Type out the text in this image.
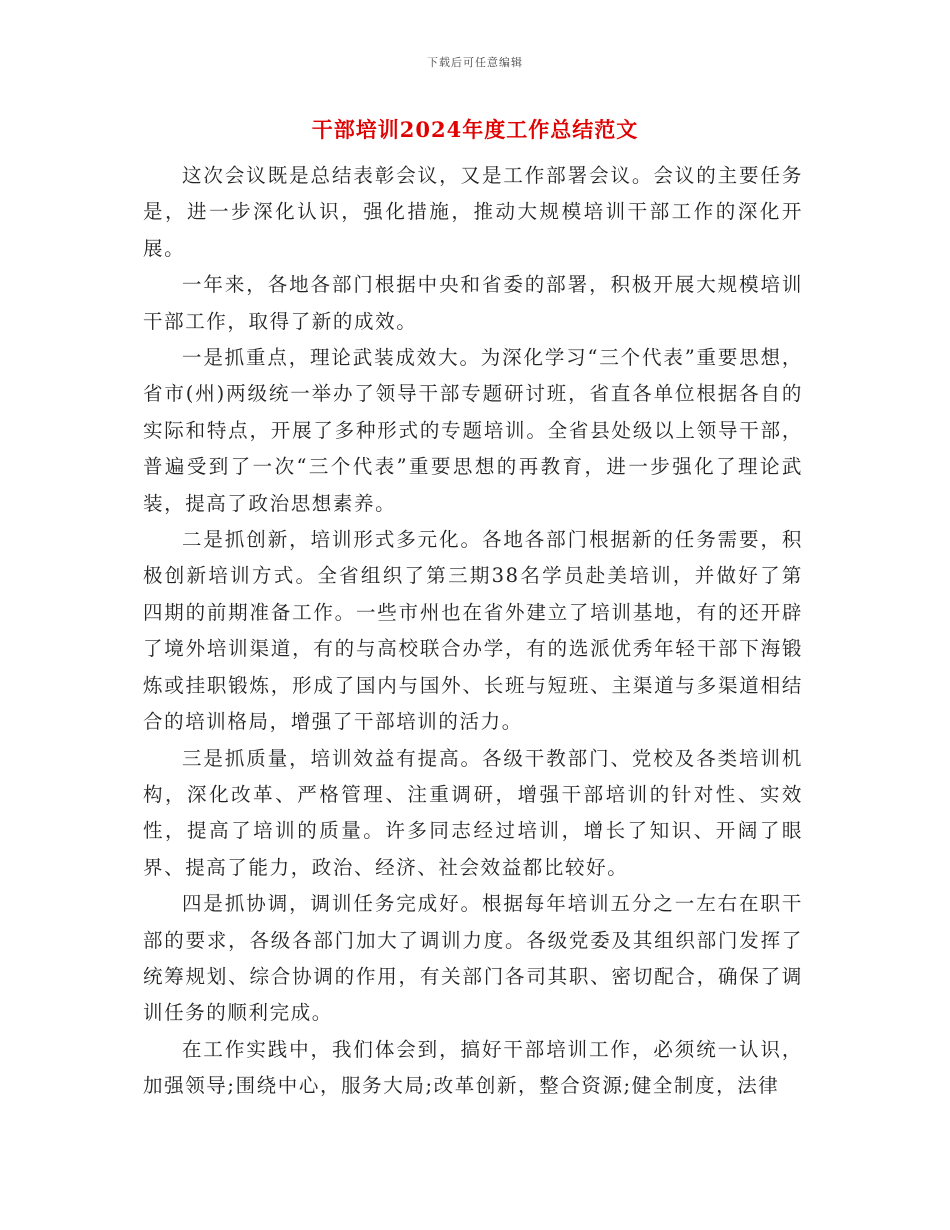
下载后可任意编辑
干部培训2024年度工作总结范文

这次会议既是总结表彰会议，又是工作部署会议。会议的主要任务是，进一步深化认识，强化措施，推动大规模培训干部工作的深化开展。

一年来，各地各部门根据中央和省委的部署，积极开展大规模培训干部工作，取得了新的成效。

一是抓重点，理论武装成效大。为深化学习“三个代表”重要思想，省市(州)两级统一举办了领导干部专题研讨班，省直各单位根据各自的实际和特点，开展了多种形式的专题培训。全省县处级以上领导干部，普遍受到了一次“三个代表”重要思想的再教育，进一步强化了理论武装，提高了政治思想素养。

二是抓创新，培训形式多元化。各地各部门根据新的任务需要，积极创新培训方式。全省组织了第三期38名学员赴美培训，并做好了第四期的前期准备工作。一些市州也在省外建立了培训基地，有的还开辟了境外培训渠道，有的与高校联合办学，有的选派优秀年轻干部下海锻炼或挂职锻炼，形成了国内与国外、长班与短班、主渠道与多渠道相结合的培训格局，增强了干部培训的活力。

三是抓质量，培训效益有提高。各级干教部门、党校及各类培训机构，深化改革、严格管理、注重调研，增强干部培训的针对性、实效性，提高了培训的质量。许多同志经过培训，增长了知识、开阔了眼界、提高了能力，政治、经济、社会效益都比较好。

四是抓协调，调训任务完成好。根据每年培训五分之一左右在职干部的要求，各级各部门加大了调训力度。各级党委及其组织部门发挥了统筹规划、综合协调的作用，有关部门各司其职、密切配合，确保了调训任务的顺利完成。

在工作实践中，我们体会到，搞好干部培训工作，必须统一认识，加强领导;围绕中心，服务大局;改革创新，整合资源;健全制度，法律
